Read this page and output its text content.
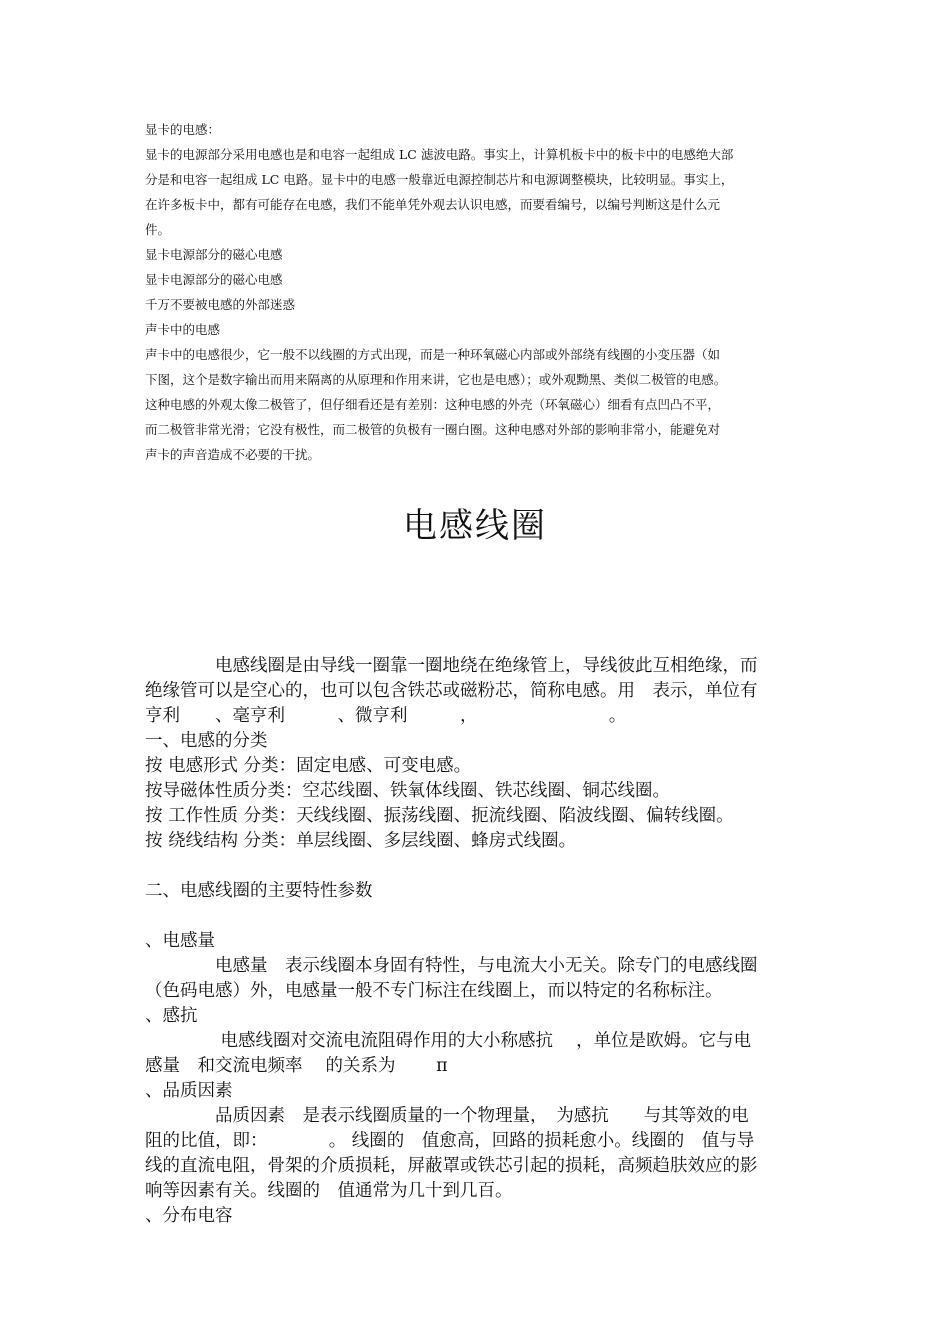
显卡的电感：

显卡的电源部分采用电感也是和电容一起组成 LC 滤波电路。事实上，计算机板卡中的板卡中的电感绝大部

分是和电容一起组成 LC 电路。显卡中的电感一般靠近电源控制芯片和电源调整模块，比较明显。事实上，

在许多板卡中，都有可能存在电感，我们不能单凭外观去认识电感，而要看编号，以编号判断这是什么元

件。

显卡电源部分的磁心电感

显卡电源部分的磁心电感

千万不要被电感的外部迷惑

声卡中的电感

声卡中的电感很少，它一般不以线圈的方式出现，而是一种环氧磁心内部或外部绕有线圈的小变压器（如

下图，这个是数字输出而用来隔离的从原理和作用来讲，它也是电感）；或外观黝黑、类似二极管的电感。

这种电感的外观太像二极管了，但仔细看还是有差别：这种电感的外壳（环氧磁心）细看有点凹凸不平，

而二极管非常光滑；它没有极性，而二极管的负极有一圈白圈。这种电感对外部的影响非常小，能避免对

声卡的声音造成不必要的干扰。

电感线圈

　　　　电感线圈是由导线一圈靠一圈地绕在绝缘管上，导线彼此互相绝缘，而

绝缘管可以是空心的，也可以包含铁芯或磁粉芯，简称电感。用　表示，单位有

亨利　　、毫亨利　　　、微亨利　　　，　　　　　　　　。

一、电感的分类

按 电感形式 分类：固定电感、可变电感。

按导磁体性质分类：空芯线圈、铁氧体线圈、铁芯线圈、铜芯线圈。

按 工作性质 分类：天线线圈、振荡线圈、扼流线圈、陷波线圈、偏转线圈。

按 绕线结构 分类：单层线圈、多层线圈、蜂房式线圈。

二、电感线圈的主要特性参数

、电感量

　　　　电感量　表示线圈本身固有特性，与电流大小无关。除专门的电感线圈

（色码电感）外，电感量一般不专门标注在线圈上，而以特定的名称标注。

、感抗

　　　　 电感线圈对交流电流阻碍作用的大小称感抗　 ，单位是欧姆。它与电

感量　和交流电频率　 的关系为　　 π

、品质因素

　　　　品质因素　是表示线圈质量的一个物理量，　为感抗　　与其等效的电

阻的比值，即：　　　　。 线圈的　值愈高，回路的损耗愈小。线圈的　值与导

线的直流电阻，骨架的介质损耗，屏蔽罩或铁芯引起的损耗，高频趋肤效应的影

响等因素有关。线圈的　值通常为几十到几百。

、分布电容
